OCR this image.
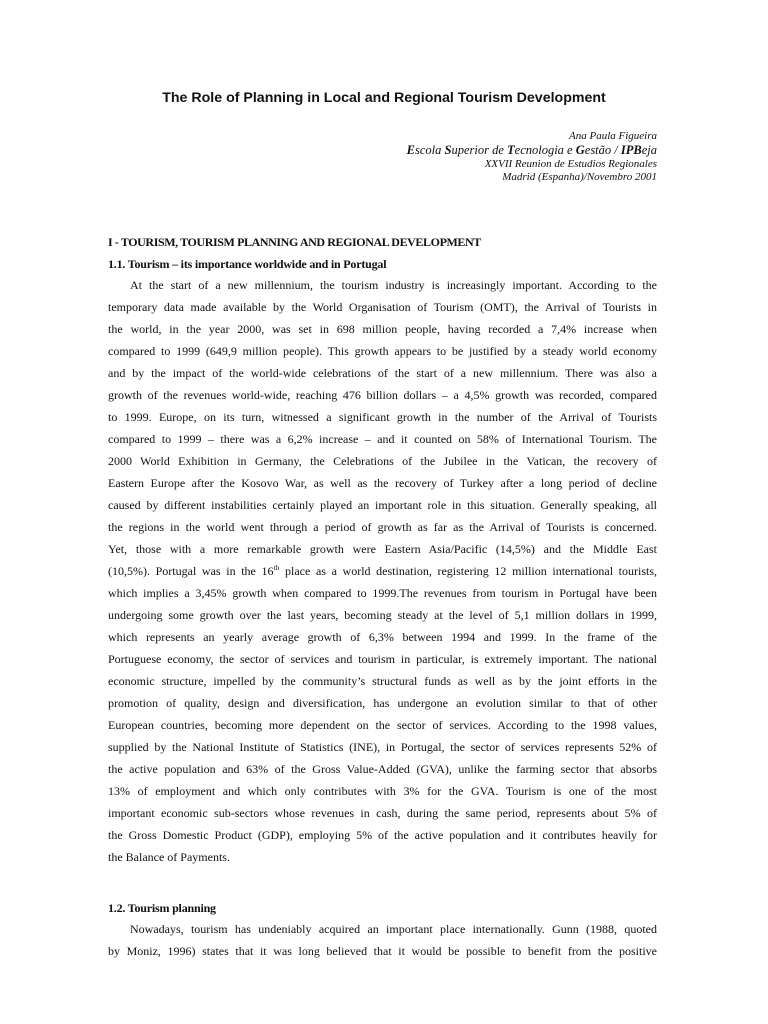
The Role of Planning in Local and Regional Tourism Development
Ana Paula Figueira
Escola Superior de Tecnologia e Gestão / IPBeja
XXVII Reunion de Estudios Regionales
Madrid (Espanha)/Novembro 2001
I - TOURISM, TOURISM PLANNING AND REGIONAL DEVELOPMENT
1.1. Tourism – its importance worldwide and in Portugal
At the start of a new millennium, the tourism industry is increasingly important. According to the
temporary data made available by the World Organisation of Tourism (OMT), the Arrival of Tourists in
the world, in the year 2000, was set in 698 million people, having recorded a 7,4% increase when
compared to 1999 (649,9 million people). This growth appears to be justified by a steady world economy
and by the impact of the world-wide celebrations of the start of a new millennium. There was also a
growth of the revenues world-wide, reaching 476 billion dollars – a 4,5% growth was recorded, compared
to 1999. Europe, on its turn, witnessed a significant growth in the number of the Arrival of Tourists
compared to 1999 – there was a 6,2% increase – and it counted on 58% of International Tourism. The
2000 World Exhibition in Germany, the Celebrations of the Jubilee in the Vatican, the recovery of
Eastern Europe after the Kosovo War, as well as the recovery of Turkey after a long period of decline
caused by different instabilities certainly played an important role in this situation. Generally speaking, all
the regions in the world went through a period of growth as far as the Arrival of Tourists is concerned.
Yet, those with a more remarkable growth were Eastern Asia/Pacific (14,5%) and the Middle East
(10,5%). Portugal was in the 16th place as a world destination, registering 12 million international tourists,
which implies a 3,45% growth when compared to 1999.The revenues from tourism in Portugal have been
undergoing some growth over the last years, becoming steady at the level of 5,1 million dollars in 1999,
which represents an yearly average growth of 6,3% between 1994 and 1999. In the frame of the
Portuguese economy, the sector of services and tourism in particular, is extremely important. The national
economic structure, impelled by the community’s structural funds as well as by the joint efforts in the
promotion of quality, design and diversification, has undergone an evolution similar to that of other
European countries, becoming more dependent on the sector of services. According to the 1998 values,
supplied by the National Institute of Statistics (INE), in Portugal, the sector of services represents 52% of
the active population and 63% of the Gross Value-Added (GVA), unlike the farming sector that absorbs
13% of employment and which only contributes with 3% for the GVA. Tourism is one of the most
important economic sub-sectors whose revenues in cash, during the same period, represents about 5% of
the Gross Domestic Product (GDP), employing 5% of the active population and it contributes heavily for
the Balance of Payments.
1.2. Tourism planning
Nowadays, tourism has undeniably acquired an important place internationally. Gunn (1988, quoted
by Moniz, 1996) states that it was long believed that it would be possible to benefit from the positive
